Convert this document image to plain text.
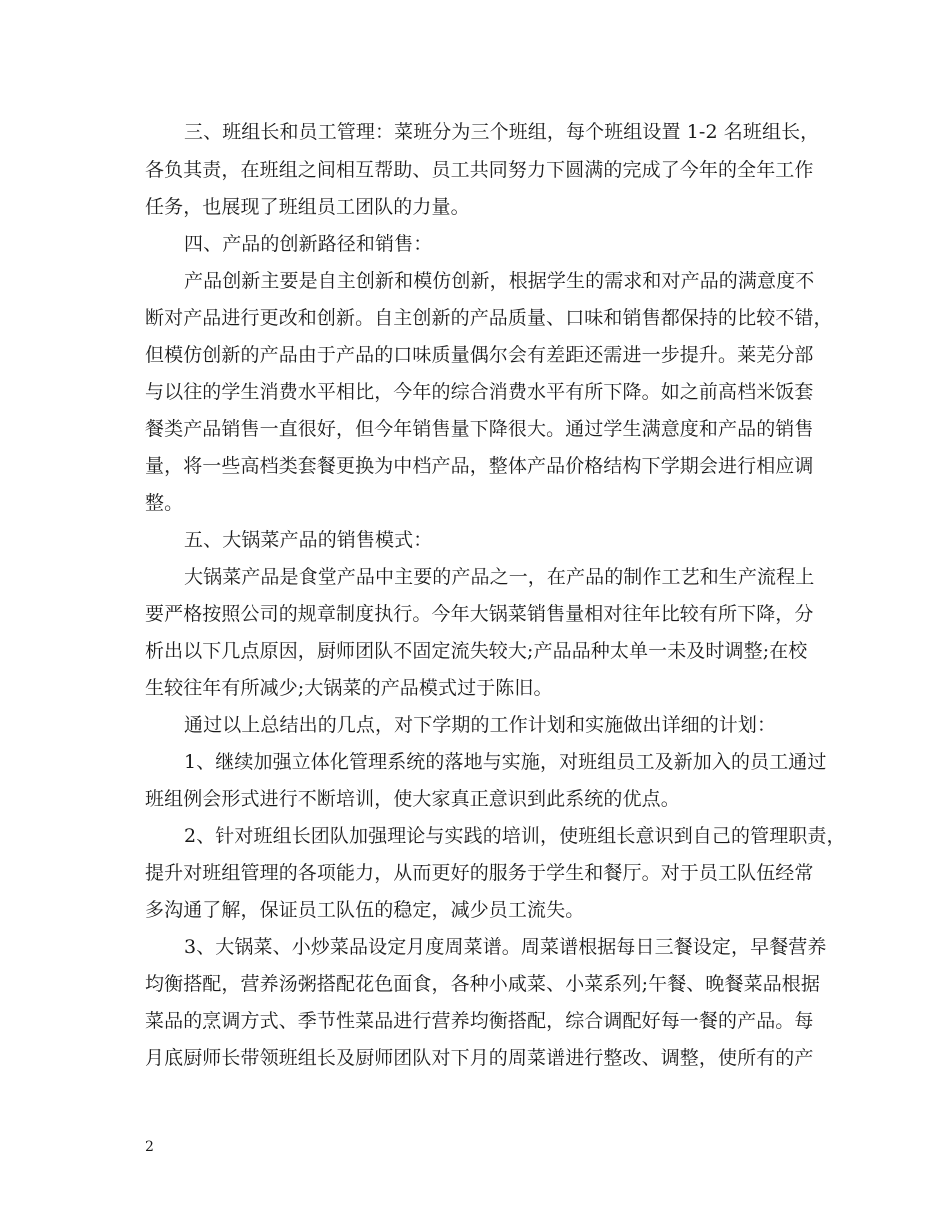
三、班组长和员工管理：菜班分为三个班组，每个班组设置 1-2 名班组长，
各负其责，在班组之间相互帮助、员工共同努力下圆满的完成了今年的全年工作
任务，也展现了班组员工团队的力量。
四、产品的创新路径和销售：
产品创新主要是自主创新和模仿创新，根据学生的需求和对产品的满意度不
断对产品进行更改和创新。自主创新的产品质量、口味和销售都保持的比较不错，
但模仿创新的产品由于产品的口味质量偶尔会有差距还需进一步提升。莱芜分部
与以往的学生消费水平相比，今年的综合消费水平有所下降。如之前高档米饭套
餐类产品销售一直很好，但今年销售量下降很大。通过学生满意度和产品的销售
量，将一些高档类套餐更换为中档产品，整体产品价格结构下学期会进行相应调
整。
五、大锅菜产品的销售模式：
大锅菜产品是食堂产品中主要的产品之一，在产品的制作工艺和生产流程上
要严格按照公司的规章制度执行。今年大锅菜销售量相对往年比较有所下降，分
析出以下几点原因，厨师团队不固定流失较大;产品品种太单一未及时调整;在校
生较往年有所减少;大锅菜的产品模式过于陈旧。
通过以上总结出的几点，对下学期的工作计划和实施做出详细的计划：
1、继续加强立体化管理系统的落地与实施，对班组员工及新加入的员工通过
班组例会形式进行不断培训，使大家真正意识到此系统的优点。
2、针对班组长团队加强理论与实践的培训，使班组长意识到自己的管理职责，
提升对班组管理的各项能力，从而更好的服务于学生和餐厅。对于员工队伍经常
多沟通了解，保证员工队伍的稳定，减少员工流失。
3、大锅菜、小炒菜品设定月度周菜谱。周菜谱根据每日三餐设定，早餐营养
均衡搭配，营养汤粥搭配花色面食，各种小咸菜、小菜系列;午餐、晚餐菜品根据
菜品的烹调方式、季节性菜品进行营养均衡搭配，综合调配好每一餐的产品。每
月底厨师长带领班组长及厨师团队对下月的周菜谱进行整改、调整，使所有的产
2
